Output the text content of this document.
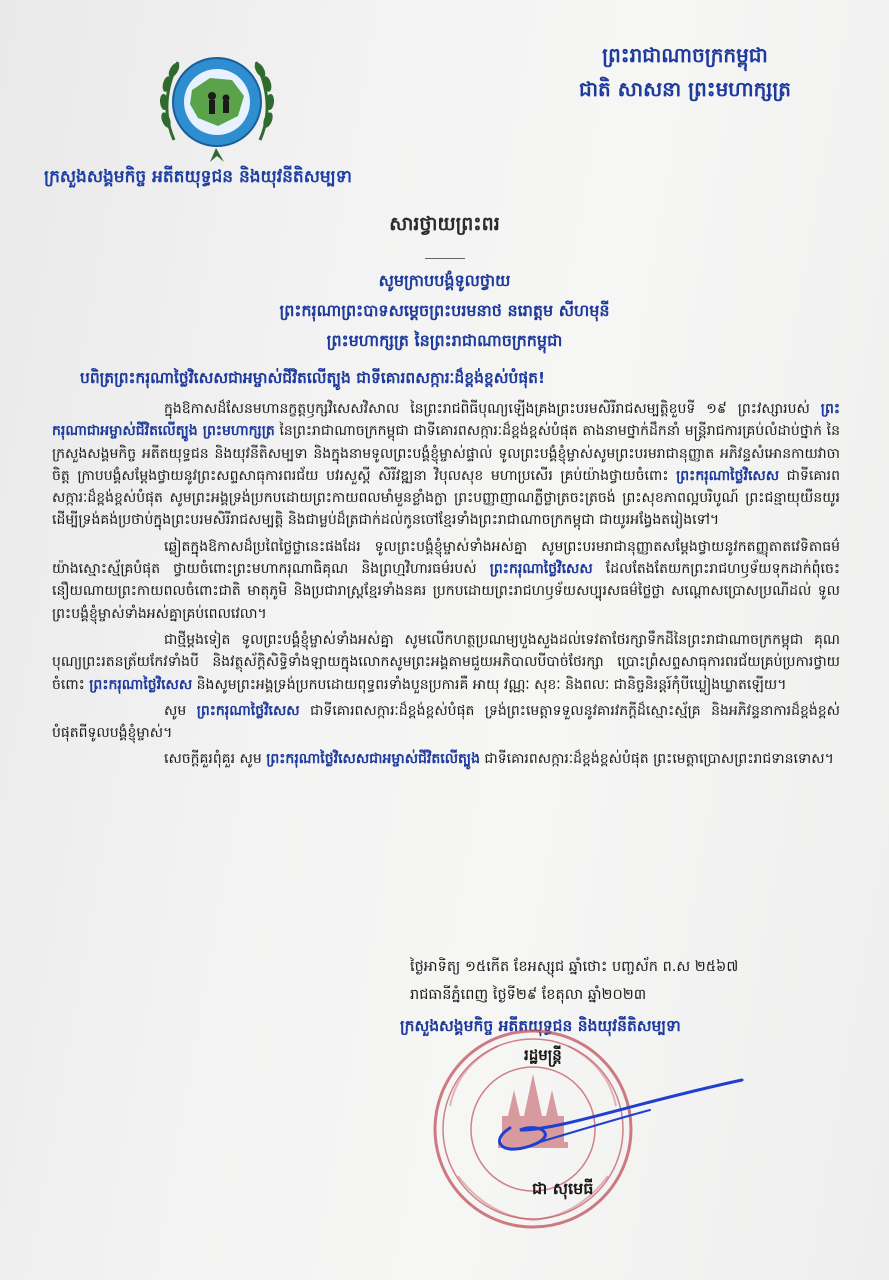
ក្រសួងសង្គមកិច្ច អតីតយុទ្ធជន និងយុវនីតិសម្បទា
ព្រះរាជាណាចក្រកម្ពុជា
ជាតិ សាសនា ព្រះមហាក្សត្រ
សារថ្វាយព្រះពរ
សូមក្រាបបង្គំទូលថ្វាយ
ព្រះករុណាព្រះបាទសម្តេចព្រះបរមនាថ នរោត្តម សីហមុនី
ព្រះមហាក្សត្រ នៃព្រះរាជាណាចក្រកម្ពុជា
បពិត្រព្រះករុណាថ្លៃវិសេសជាអម្ចាស់ជីវិតលើត្បូង ជាទីគោរពសក្ការៈដ៏ខ្ពង់ខ្ពស់បំផុត!

ក្នុងឱកាសដ៏សែនមហានក្ខត្តឫក្សវិសេសវិសាល នៃព្រះរាជពិធីបុណ្យឡើងគ្រងព្រះបរមសិរីរាជសម្បត្តិខួបទី ១៩ ព្រះវស្សារបស់ ព្រះករុណាជាអម្ចាស់ជីវិតលើត្បូង ព្រះមហាក្សត្រ នៃព្រះរាជាណាចក្រកម្ពុជា ជាទីគោរពសក្ការៈដ៏ខ្ពង់ខ្ពស់បំផុត តាងនាមថ្នាក់ដឹកនាំ មន្ត្រីរាជការគ្រប់លំដាប់ថ្នាក់ នៃក្រសួងសង្គមកិច្ច អតីតយុទ្ធជន និងយុវនីតិសម្បទា និងក្នុងនាមទូលព្រះបង្គំខ្ញុំម្ចាស់ផ្ទាល់ ទូលព្រះបង្គំខ្ញុំម្ចាស់សូមព្រះបរមរាជានុញ្ញាត អភិវន្ទសំអោនកាយវាចាចិត្ត ក្រាបបង្គំសម្តែងថ្វាយនូវព្រះសព្ទសាធុការពរជ័យ បវរសួស្តី សិរីវឌ្ឍនា វិបុលសុខ មហាប្រសើរ គ្រប់យ៉ាងថ្វាយចំពោះ ព្រះករុណាថ្លៃវិសេស ជាទីគោរពសក្ការៈដ៏ខ្ពង់ខ្ពស់បំផុត សូមព្រះអង្គទ្រង់ប្រកបដោយព្រះកាយពលមាំមួនខ្លាំងក្លា ព្រះបញ្ញាញាណភ្លឺថ្លាត្រចះត្រចង់ ព្រះសុខភាពល្អបរិបូណ៍ ព្រះជន្មាយុយឺនយូរ ដើម្បីទ្រង់គង់ប្រថាប់ក្នុងព្រះបរមសិរីរាជសម្បត្តិ និងជាម្លប់ដ៏ត្រជាក់ដល់កូនចៅខ្មែរទាំងព្រះរាជាណាចក្រកម្ពុជា ជាយូរអង្វែងតរៀងទៅ។

ឆ្លៀតក្នុងឱកាសដ៏ប្រពៃថ្លៃថ្លានេះផងដែរ ទូលព្រះបង្គំខ្ញុំម្ចាស់ទាំងអស់គ្នា សូមព្រះបរមរាជានុញ្ញាតសម្តែងថ្វាយនូវកតញ្ញុតាតវេទិតាធម៌យ៉ាងស្មោះស្ម័គ្របំផុត ថ្វាយចំពោះព្រះមហាករុណាធិគុណ និងព្រហ្មវិហារធម៌របស់ ព្រះករុណាថ្លៃវិសេស ដែលតែងតែយកព្រះរាជហឫទ័យទុកដាក់ពុំចេះនឿយណាយព្រះកាយពលចំពោះជាតិ មាតុភូមិ និងប្រជារាស្ត្រខ្មែរទាំងនគរ ប្រកបដោយព្រះរាជហឫទ័យសប្បុរសធម៌ថ្លៃថ្លា សណ្តោសប្រោសប្រណីដល់ ទូលព្រះបង្គំខ្ញុំម្ចាស់ទាំងអស់គ្នាគ្រប់ពេលវេលា។

ជាថ្មីម្តងទៀត ទូលព្រះបង្គំខ្ញុំម្ចាស់ទាំងអស់គ្នា សូមលើកហត្ថប្រណម្យបួងសួងដល់ទេវតាថែរក្សាទឹកដីនៃព្រះរាជាណាចក្រកម្ពុជា គុណបុណ្យព្រះរតនត្រ័យកែវទាំងបី និងវត្ថុស័ក្តិសិទ្ធិទាំងឡាយក្នុងលោកសូមព្រះអង្គតាមជួយអភិបាលបីបាច់ថែរក្សា ប្រោះព្រំសព្ទសាធុការពរជ័យគ្រប់ប្រការថ្វាយចំពោះ ព្រះករុណាថ្លៃវិសេស និងសូមព្រះអង្គទ្រង់ប្រកបដោយពុទ្ធពរទាំងបួនប្រការគឺ អាយុ វណ្ណៈ សុខៈ និងពលៈ ជានិច្ចនិរន្តរ៍កុំបីឃ្លៀងឃ្លាតឡើយ។

សូម ព្រះករុណាថ្លៃវិសេស ជាទីគោរពសក្ការៈដ៏ខ្ពង់ខ្ពស់បំផុត ទ្រង់ព្រះមេត្តាទទួលនូវគារវភក្តីដ៏ស្មោះស្ម័គ្រ និងអភិវន្ទនាការដ៏ខ្ពង់ខ្ពស់បំផុតពីទូលបង្គំខ្ញុំម្ចាស់។

សេចក្តីគួរពុំគួរ សូម ព្រះករុណាថ្លៃវិសេសជាអម្ចាស់ជីវិតលើត្បូង ជាទីគោរពសក្ការៈដ៏ខ្ពង់ខ្ពស់បំផុត ព្រះមេត្តាប្រោសព្រះរាជទានទោស។

ថ្ងៃអាទិត្យ ១៥កើត ខែអស្សុជ ឆ្នាំថោះ បញ្ចស័ក ព.ស ២៥៦៧
រាជធានីភ្នំពេញ ថ្ងៃទី២៩ ខែតុលា ឆ្នាំ២០២៣
ក្រសួងសង្គមកិច្ច អតីតយុទ្ធជន និងយុវនីតិសម្បទា
រដ្ឋមន្ត្រី
ជា សុមេធី
